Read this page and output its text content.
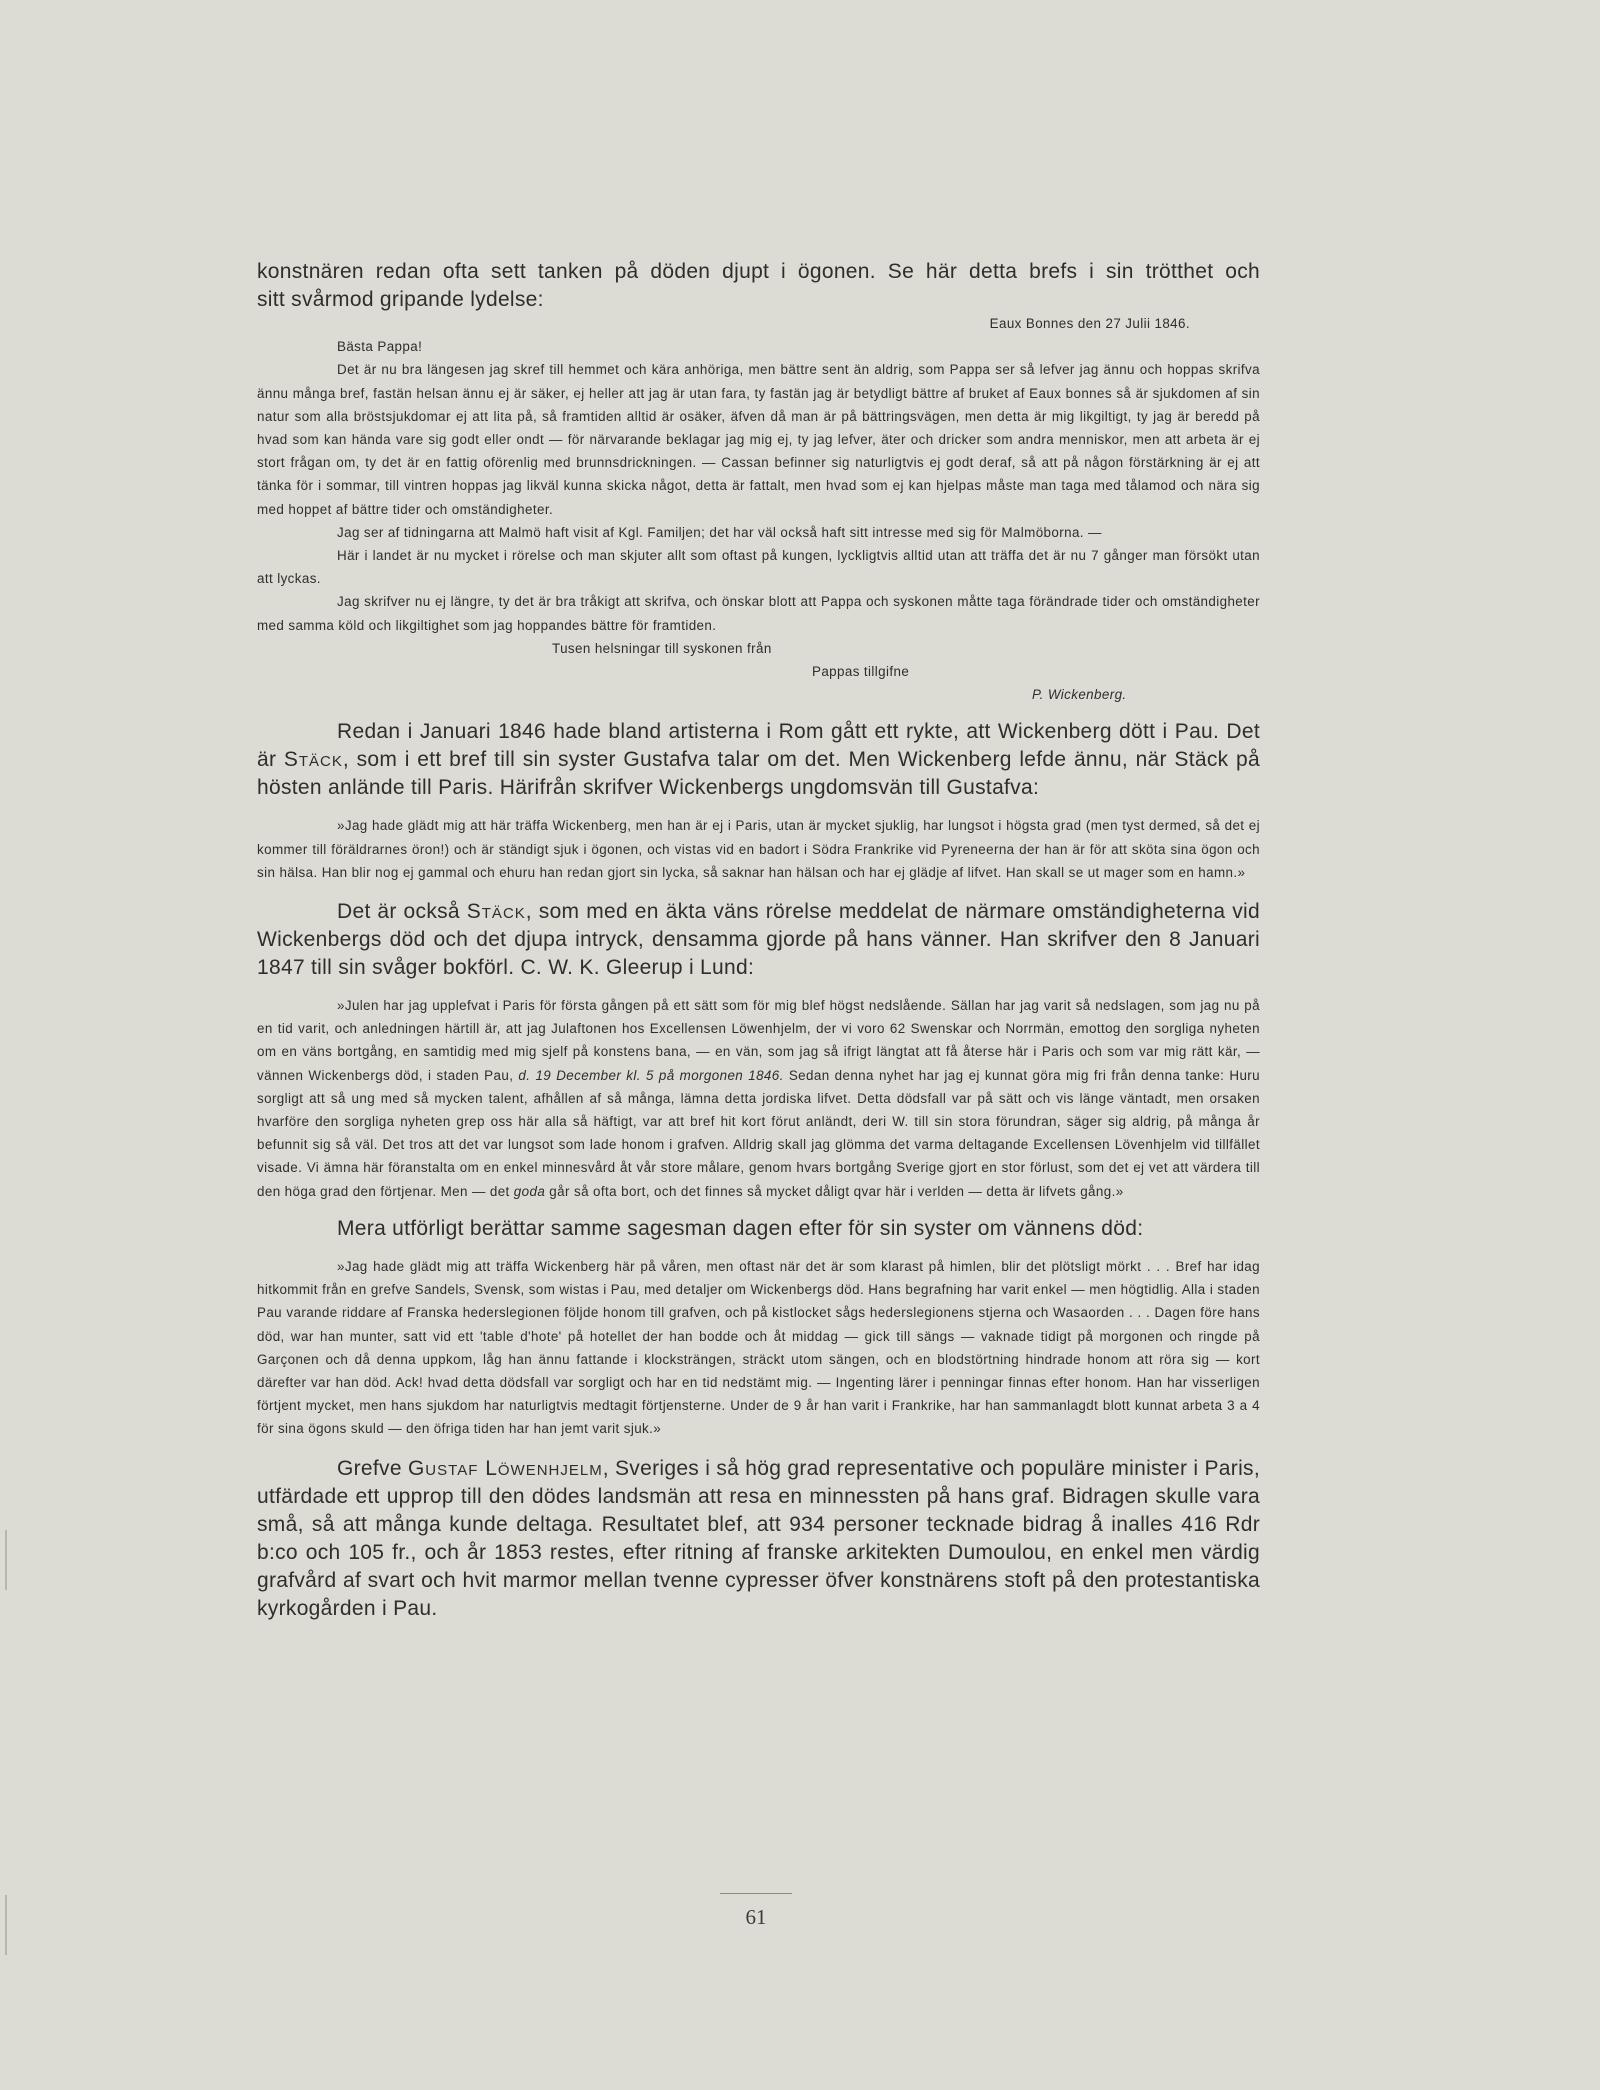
konstnären redan ofta sett tanken på döden djupt i ögonen. Se här detta brefs i sin trötthet och

sitt svårmod gripande lydelse:

Eaux Bonnes den 27 Julii 1846.

Bästa Pappa!

Det är nu bra längesen jag skref till hemmet och kära anhöriga, men bättre sent än aldrig, som Pappa ser så lefver jag ännu och hoppas skrifva ännu många bref, fastän helsan ännu ej är säker, ej heller att jag är utan fara, ty fastän jag är betydligt bättre af bruket af Eaux bonnes så är sjukdomen af sin natur som alla bröstsjukdomar ej att lita på, så framtiden alltid är osäker, äfven då man är på bättringsvägen, men detta är mig likgiltigt, ty jag är beredd på hvad som kan hända vare sig godt eller ondt — för närvarande beklagar jag mig ej, ty jag lefver, äter och dricker som andra menniskor, men att arbeta är ej stort frågan om, ty det är en fattig oförenlig med brunnsdrickningen. — Cassan befinner sig naturligtvis ej godt deraf, så att på någon förstärkning är ej att tänka för i sommar, till vintren hoppas jag likväl kunna skicka något, detta är fattalt, men hvad som ej kan hjelpas måste man taga med tålamod och nära sig med hoppet af bättre tider och omständigheter.

Jag ser af tidningarna att Malmö haft visit af Kgl. Familjen; det har väl också haft sitt intresse med sig för Malmöborna. —

Här i landet är nu mycket i rörelse och man skjuter allt som oftast på kungen, lyckligtvis alltid utan att träffa det är nu 7 gånger man försökt utan att lyckas.

Jag skrifver nu ej längre, ty det är bra tråkigt att skrifva, och önskar blott att Pappa och syskonen måtte taga förändrade tider och omständigheter med samma köld och likgiltighet som jag hoppandes bättre för framtiden.

Tusen helsningar till syskonen från

Pappas tillgifne

P. Wickenberg.

Redan i Januari 1846 hade bland artisterna i Rom gått ett rykte, att Wickenberg dött i Pau. Det är Stäck, som i ett bref till sin syster Gustafva talar om det. Men Wickenberg lefde ännu, när Stäck på hösten anlände till Paris. Härifrån skrifver Wickenbergs ungdomsvän till Gustafva:

»Jag hade glädt mig att här träffa Wickenberg, men han är ej i Paris, utan är mycket sjuklig, har lungsot i högsta grad (men tyst dermed, så det ej kommer till föräldrarnes öron!) och är ständigt sjuk i ögonen, och vistas vid en badort i Södra Frankrike vid Pyreneerna der han är för att sköta sina ögon och sin hälsa. Han blir nog ej gammal och ehuru han redan gjort sin lycka, så saknar han hälsan och har ej glädje af lifvet. Han skall se ut mager som en hamn.»

Det är också Stäck, som med en äkta väns rörelse meddelat de närmare omständigheterna vid Wickenbergs död och det djupa intryck, densamma gjorde på hans vänner. Han skrifver den 8 Januari 1847 till sin svåger bokförl. C. W. K. Gleerup i Lund:

»Julen har jag upplefvat i Paris för första gången på ett sätt som för mig blef högst nedslående. Sällan har jag varit så nedslagen, som jag nu på en tid varit, och anledningen härtill är, att jag Julaftonen hos Excellensen Löwenhjelm, der vi voro 62 Swenskar och Norrmän, emottog den sorgliga nyheten om en väns bortgång, en samtidig med mig sjelf på konstens bana, — en vän, som jag så ifrigt längtat att få återse här i Paris och som var mig rätt kär, — vännen Wickenbergs död, i staden Pau, d. 19 December kl. 5 på morgonen 1846. Sedan denna nyhet har jag ej kunnat göra mig fri från denna tanke: Huru sorgligt att så ung med så mycken talent, afhållen af så många, lämna detta jordiska lifvet. Detta dödsfall var på sätt och vis länge väntadt, men orsaken hvarföre den sorgliga nyheten grep oss här alla så häftigt, var att bref hit kort förut anländt, deri W. till sin stora förundran, säger sig aldrig, på många år befunnit sig så väl. Det tros att det var lungsot som lade honom i grafven. Alldrig skall jag glömma det varma deltagande Excellensen Lövenhjelm vid tillfället visade. Vi ämna här föranstalta om en enkel minnesvård åt vår store målare, genom hvars bortgång Sverige gjort en stor förlust, som det ej vet att värdera till den höga grad den förtjenar. Men — det goda går så ofta bort, och det finnes så mycket dåligt qvar här i verlden — detta är lifvets gång.»

Mera utförligt berättar samme sagesman dagen efter för sin syster om vännens död:

»Jag hade glädt mig att träffa Wickenberg här på våren, men oftast när det är som klarast på himlen, blir det plötsligt mörkt . . . Bref har idag hitkommit från en grefve Sandels, Svensk, som wistas i Pau, med detaljer om Wickenbergs död. Hans begrafning har varit enkel — men högtidlig. Alla i staden Pau varande riddare af Franska hederslegionen följde honom till grafven, och på kistlocket sågs hederslegionens stjerna och Wasaorden . . . Dagen före hans död, war han munter, satt vid ett 'table d'hote' på hotellet der han bodde och åt middag — gick till sängs — vaknade tidigt på morgonen och ringde på Garçonen och då denna uppkom, låg han ännu fattande i klocksträngen, sträckt utom sängen, och en blodstörtning hindrade honom att röra sig — kort därefter var han död. Ack! hvad detta dödsfall var sorgligt och har en tid nedstämt mig. — Ingenting lärer i penningar finnas efter honom. Han har visserligen förtjent mycket, men hans sjukdom har naturligtvis medtagit förtjensterne. Under de 9 år han varit i Frankrike, har han sammanlagdt blott kunnat arbeta 3 a 4 för sina ögons skuld — den öfriga tiden har han jemt varit sjuk.»

Grefve Gustaf Löwenhjelm, Sveriges i så hög grad representative och populäre minister i Paris, utfärdade ett upprop till den dödes landsmän att resa en minnessten på hans graf. Bidragen skulle vara små, så att många kunde deltaga. Resultatet blef, att 934 personer tecknade bidrag å inalles 416 Rdr b:co och 105 fr., och år 1853 restes, efter ritning af franske arkitekten Dumoulou, en enkel men värdig grafvård af svart och hvit marmor mellan tvenne cypresser öfver konstnärens stoft på den protestantiska kyrkogården i Pau.

61
